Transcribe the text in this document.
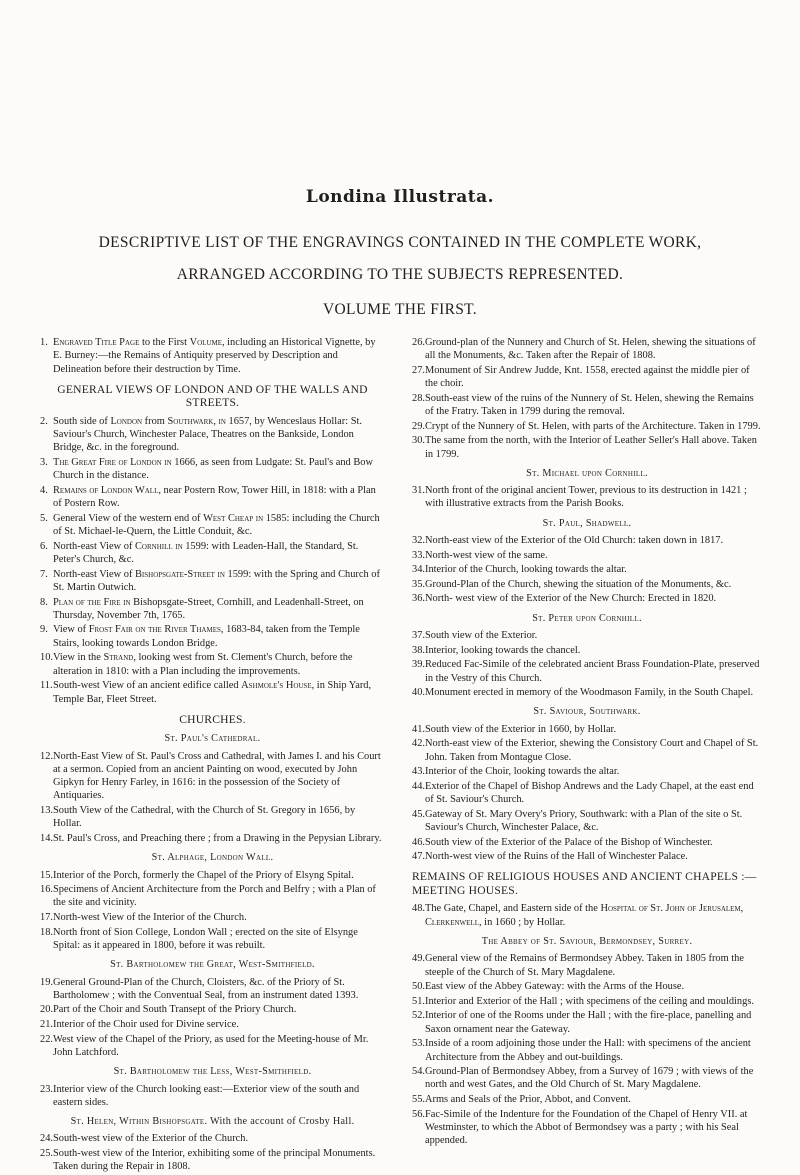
Londina Illustrata.
DESCRIPTIVE LIST OF THE ENGRAVINGS CONTAINED IN THE COMPLETE WORK,
ARRANGED ACCORDING TO THE SUBJECTS REPRESENTED.
VOLUME THE FIRST.

1. Engraved Title Page to the First Volume, including an Historical Vignette, by E. Burney:—the Remains of Antiquity preserved by Description and Delineation before their destruction by Time.

GENERAL VIEWS OF LONDON AND OF THE WALLS AND STREETS.

2. South side of London from Southwark, in 1657, by Wenceslaus Hollar: St. Saviour's Church, Winchester Palace, Theatres on the Bankside, London Bridge, &c. in the foreground.

3. The Great Fire of London in 1666, as seen from Ludgate: St. Paul's and Bow Church in the distance.

4. Remains of London Wall, near Postern Row, Tower Hill, in 1818: with a Plan of Postern Row.

5. General View of the western end of West Cheap in 1585: including the Church of St. Michael-le-Quern, the Little Conduit, &c.

6. North-east View of Cornhill in 1599: with Leaden-Hall, the Standard, St. Peter's Church, &c.

7. North-east View of Bishopsgate-Street in 1599: with the Spring and Church of St. Martin Outwich.

8. Plan of the Fire in Bishopsgate-Street, Cornhill, and Leadenhall-Street, on Thursday, November 7th, 1765.

9. View of Frost Fair on the River Thames, 1683-84, taken from the Temple Stairs, looking towards London Bridge.

10.View in the Strand, looking west from St. Clement's Church, before the alteration in 1810: with a Plan including the improvements.

11.South-west View of an ancient edifice called Ashmole's House, in Ship Yard, Temple Bar, Fleet Street.

CHURCHES.
St. Paul's Cathedral.

12.North-East View of St. Paul's Cross and Cathedral, with James I. and his Court at a sermon. Copied from an ancient Painting on wood, executed by John Gipkyn for Henry Farley, in 1616: in the possession of the Society of Antiquaries.

13.South View of the Cathedral, with the Church of St. Gregory in 1656, by Hollar.

14.St. Paul's Cross, and Preaching there ; from a Drawing in the Pepysian Library.

St. Alphage, London Wall.

15.Interior of the Porch, formerly the Chapel of the Priory of Elsyng Spital.

16.Specimens of Ancient Architecture from the Porch and Belfry ; with a Plan of the site and vicinity.

17.North-west View of the Interior of the Church.

18.North front of Sion College, London Wall ; erected on the site of Elsynge Spital: as it appeared in 1800, before it was rebuilt.

St. Bartholomew the Great, West-Smithfield.

19.General Ground-Plan of the Church, Cloisters, &c. of the Priory of St. Bartholomew ; with the Conventual Seal, from an instrument dated 1393.

20.Part of the Choir and South Transept of the Priory Church.

21.Interior of the Choir used for Divine service.

22.West view of the Chapel of the Priory, as used for the Meeting-house of Mr. John Latchford.

St. Bartholomew the Less, West-Smithfield.

23.Interior view of the Church looking east:—Exterior view of the south and eastern sides.

St. Helen, Within Bishopsgate. With the account of Crosby Hall.

24.South-west view of the Exterior of the Church.

25.South-west view of the Interior, exhibiting some of the principal Monuments. Taken during the Repair in 1808.

26.Ground-plan of the Nunnery and Church of St. Helen, shewing the situations of all the Monuments, &c. Taken after the Repair of 1808.

27.Monument of Sir Andrew Judde, Knt. 1558, erected against the middle pier of the choir.

28.South-east view of the ruins of the Nunnery of St. Helen, shewing the Remains of the Fratry. Taken in 1799 during the removal.

29.Crypt of the Nunnery of St. Helen, with parts of the Architecture. Taken in 1799.

30.The same from the north, with the Interior of Leather Seller's Hall above. Taken in 1799.

St. Michael upon Cornhill.

31.North front of the original ancient Tower, previous to its destruction in 1421 ; with illustrative extracts from the Parish Books.

St. Paul, Shadwell.

32.North-east view of the Exterior of the Old Church: taken down in 1817.

33.North-west view of the same.

34.Interior of the Church, looking towards the altar.

35.Ground-Plan of the Church, shewing the situation of the Monuments, &c.

36.North- west view of the Exterior of the New Church: Erected in 1820.

St. Peter upon Cornhill.

37.South view of the Exterior.

38.Interior, looking towards the chancel.

39.Reduced Fac-Simile of the celebrated ancient Brass Foundation-Plate, preserved in the Vestry of this Church.

40.Monument erected in memory of the Woodmason Family, in the South Chapel.

St. Saviour, Southwark.

41.South view of the Exterior in 1660, by Hollar.

42.North-east view of the Exterior, shewing the Consistory Court and Chapel of St. John. Taken from Montague Close.

43.Interior of the Choir, looking towards the altar.

44.Exterior of the Chapel of Bishop Andrews and the Lady Chapel, at the east end of St. Saviour's Church.

45.Gateway of St. Mary Overy's Priory, Southwark: with a Plan of the site o St. Saviour's Church, Winchester Palace, &c.

46.South view of the Exterior of the Palace of the Bishop of Winchester.

47.North-west view of the Ruins of the Hall of Winchester Palace.

REMAINS OF RELIGIOUS HOUSES AND ANCIENT CHAPELS :— MEETING HOUSES.

48.The Gate, Chapel, and Eastern side of the Hospital of St. John of Jerusalem, Clerkenwell, in 1660 ; by Hollar.

The Abbey of St. Saviour, Bermondsey, Surrey.

49.General view of the Remains of Bermondsey Abbey. Taken in 1805 from the steeple of the Church of St. Mary Magdalene.

50.East view of the Abbey Gateway: with the Arms of the House.

51.Interior and Exterior of the Hall ; with specimens of the ceiling and mouldings.

52.Interior of one of the Rooms under the Hall ; with the fire-place, panelling and Saxon ornament near the Gateway.

53.Inside of a room adjoining those under the Hall: with specimens of the ancient Architecture from the Abbey and out-buildings.

54.Ground-Plan of Bermondsey Abbey, from a Survey of 1679 ; with views of the north and west Gates, and the Old Church of St. Mary Magdalene.

55.Arms and Seals of the Prior, Abbot, and Convent.

56.Fac-Simile of the Indenture for the Foundation of the Chapel of Henry VII. at Westminster, to which the Abbot of Bermondsey was a party ; with his Seal appended.
